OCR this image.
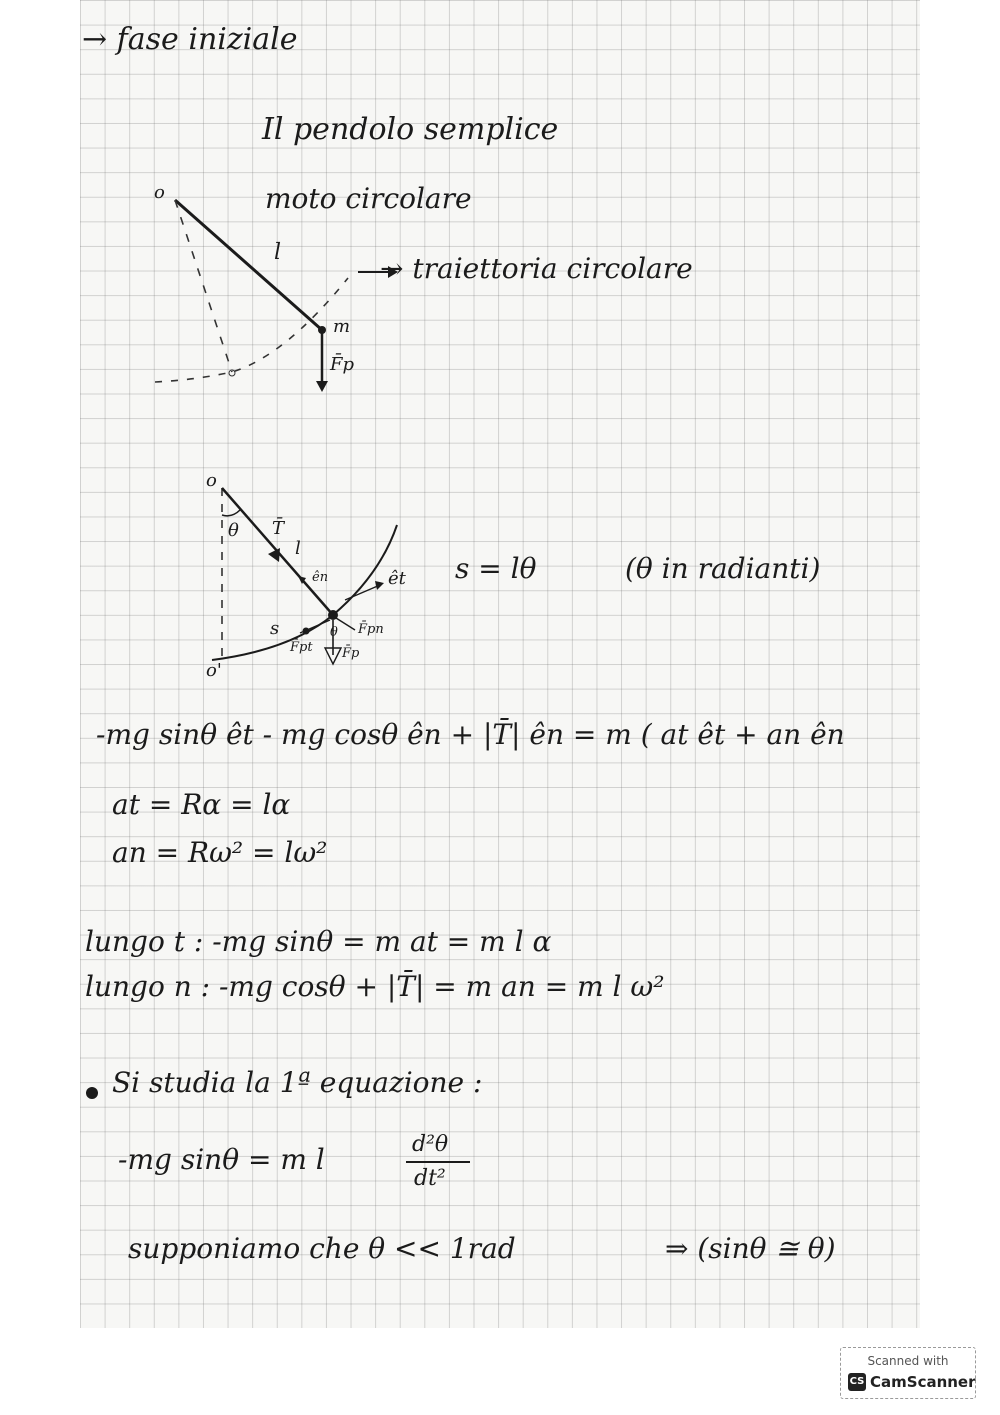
→ fase iniziale
Il pendolo semplice
moto circolare
o
l	→ traiettoria circolare
m
F̄p
o
o'
θ
θ
T̄
l
ên	êt
s	F̄pn
F̄pt F̄p
s = lθ	(θ in radianti)
-mg sinθ êt - mg cosθ ên + |T̄| ên = m ( at êt + an ên
at = Rα = lα
an = Rω² = lω²
lungo t : -mg sinθ = m at = m l α
lungo n : -mg cosθ + |T̄| = m an = m l ω²
Si studia la 1ª equazione :
-mg sinθ = m l	d²θ
dt²
supponiamo che θ << 1rad	⇒ (sinθ ≅ θ)
Scanned with
CS CamScanner
